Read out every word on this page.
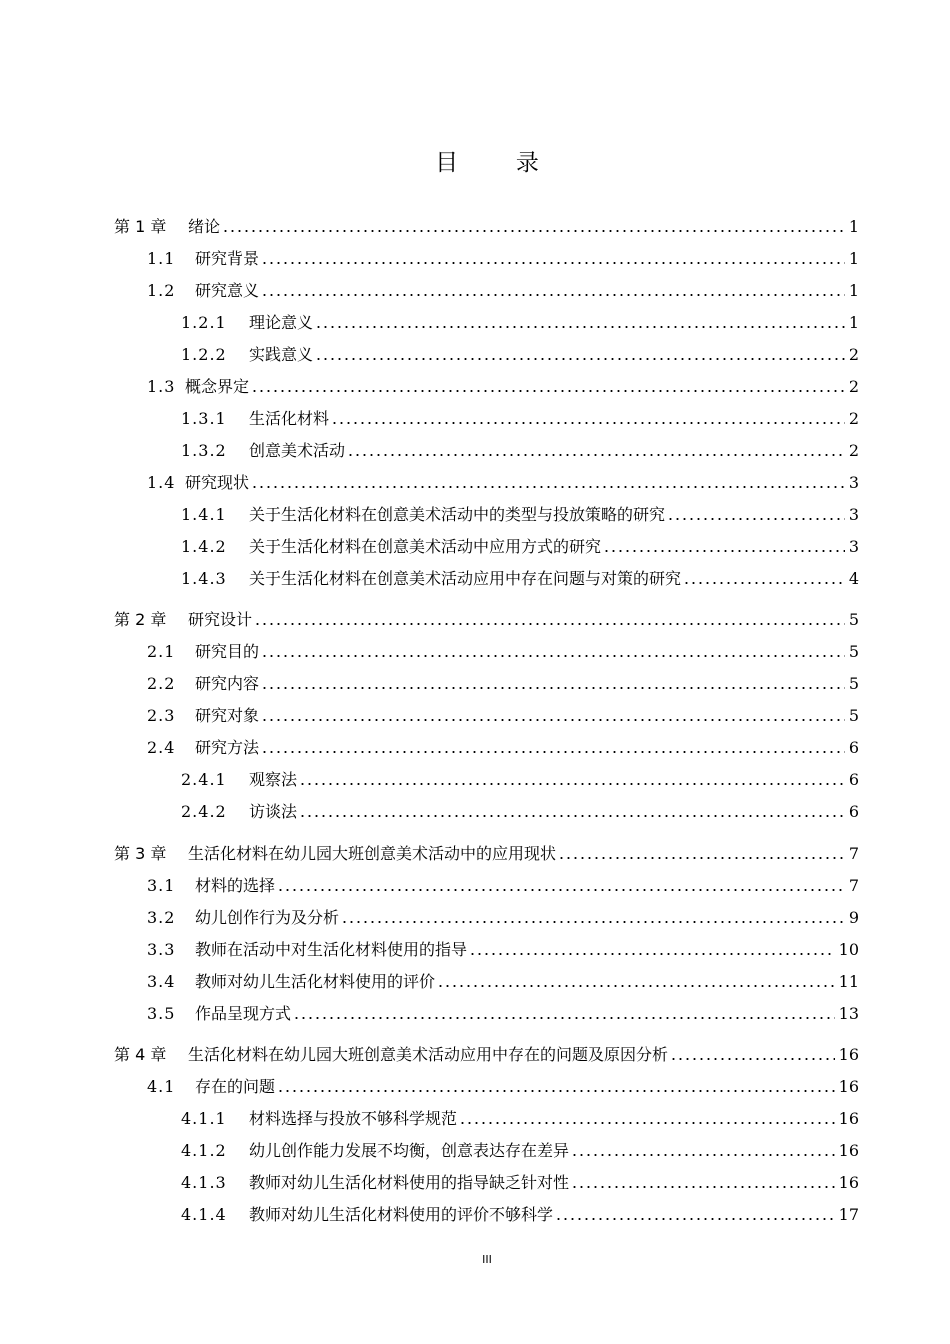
目      录
第 1 章	绪论	1
1.1	研究背景	1
1.2	研究意义	1
1.2.1	理论意义	1
1.2.2	实践意义	2
1.3 概念界定	2
1.3.1	生活化材料	2
1.3.2	创意美术活动	2
1.4 研究现状	3
1.4.1	关于生活化材料在创意美术活动中的类型与投放策略的研究	3
1.4.2	关于生活化材料在创意美术活动中应用方式的研究	3
1.4.3	关于生活化材料在创意美术活动应用中存在问题与对策的研究	4
第 2 章	研究设计	5
2.1	研究目的	5
2.2	研究内容	5
2.3	研究对象	5
2.4	研究方法	6
2.4.1	观察法	6
2.4.2	访谈法	6
第 3 章	生活化材料在幼儿园大班创意美术活动中的应用现状	7
3.1	材料的选择	7
3.2	幼儿创作行为及分析	9
3.3	教师在活动中对生活化材料使用的指导	10
3.4	教师对幼儿生活化材料使用的评价	11
3.5	作品呈现方式	13
第 4 章	生活化材料在幼儿园大班创意美术活动应用中存在的问题及原因分析	16
4.1	存在的问题	16
4.1.1	材料选择与投放不够科学规范	16
4.1.2	幼儿创作能力发展不均衡，创意表达存在差异	16
4.1.3	教师对幼儿生活化材料使用的指导缺乏针对性	16
4.1.4	教师对幼儿生活化材料使用的评价不够科学	17
III
